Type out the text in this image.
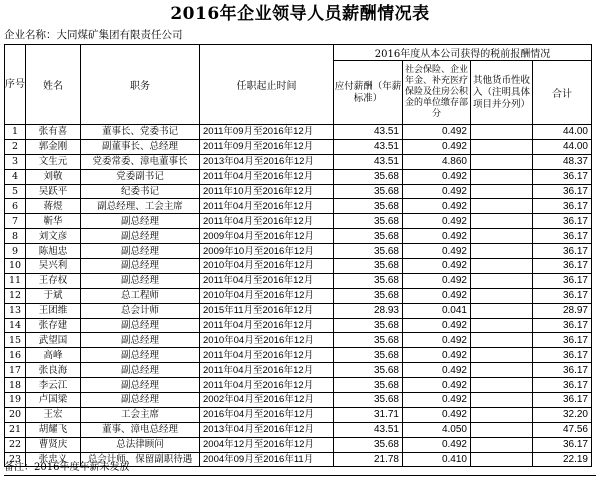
2016年企业领导人员薪酬情况表
企业名称：大同煤矿集团有限责任公司
序号	姓名	职务	任职起止时间	2016年度从本公司获得的税前报酬情况			
				应付薪酬（年薪标准）	社会保险、企业年金、补充医疗保险及住房公积金的单位缴存部分	其他货币性收入（注明具体项目并分列）	合计
1	张有喜	董事长、党委书记	2011年09月至2016年12月	43.51	0.492		44.00
2	郭金刚	副董事长、总经理	2011年09月至2016年12月	43.51	0.492		44.00
3	文生元	党委常委、漳电董事长	2013年04月至2016年12月	43.51	4.860		48.37
4	刘敬	党委副书记	2011年04月至2016年12月	35.68	0.492		36.17
5	吴跃平	纪委书记	2011年10月至2016年12月	35.68	0.492		36.17
6	蒋煜	副总经理、工会主席	2011年04月至2016年12月	35.68	0.492		36.17
7	靳华	副总经理	2011年04月至2016年12月	35.68	0.492		36.17
8	刘文彦	副总经理	2009年04月至2016年12月	35.68	0.492		36.17
9	陈旭忠	副总经理	2009年10月至2016年12月	35.68	0.492		36.17
10	吴兴利	副总经理	2010年04月至2016年12月	35.68	0.492		36.17
11	王存权	副总经理	2011年04月至2016年12月	35.68	0.492		36.17
12	于斌	总工程师	2010年04月至2016年12月	35.68	0.492		36.17
13	王团维	总会计师	2015年11月至2016年12月	28.93	0.041		28.97
14	张存建	副总经理	2011年04月至2016年12月	35.68	0.492		36.17
15	武望国	副总经理	2010年04月至2016年12月	35.68	0.492		36.17
16	高峰	副总经理	2011年04月至2016年12月	35.68	0.492		36.17
17	张良海	副总经理	2011年04月至2016年12月	35.68	0.492		36.17
18	李云江	副总经理	2011年04月至2016年12月	35.68	0.492		36.17
19	卢国梁	副总经理	2002年04月至2016年12月	35.68	0.492		36.17
20	王宏	工会主席	2016年04月至2016年12月	31.71	0.492		32.20
21	胡耀飞	董事、漳电总经理	2013年04月至2016年12月	43.51	4.050		47.56
22	曹贤庆	总法律顾问	2004年12月至2016年12月	35.68	0.492		36.17
23	张忠义	总会计师、保留副职待遇	2004年09月至2016年11月	21.78	0.410		22.19
备注：2016年度年薪未发放
